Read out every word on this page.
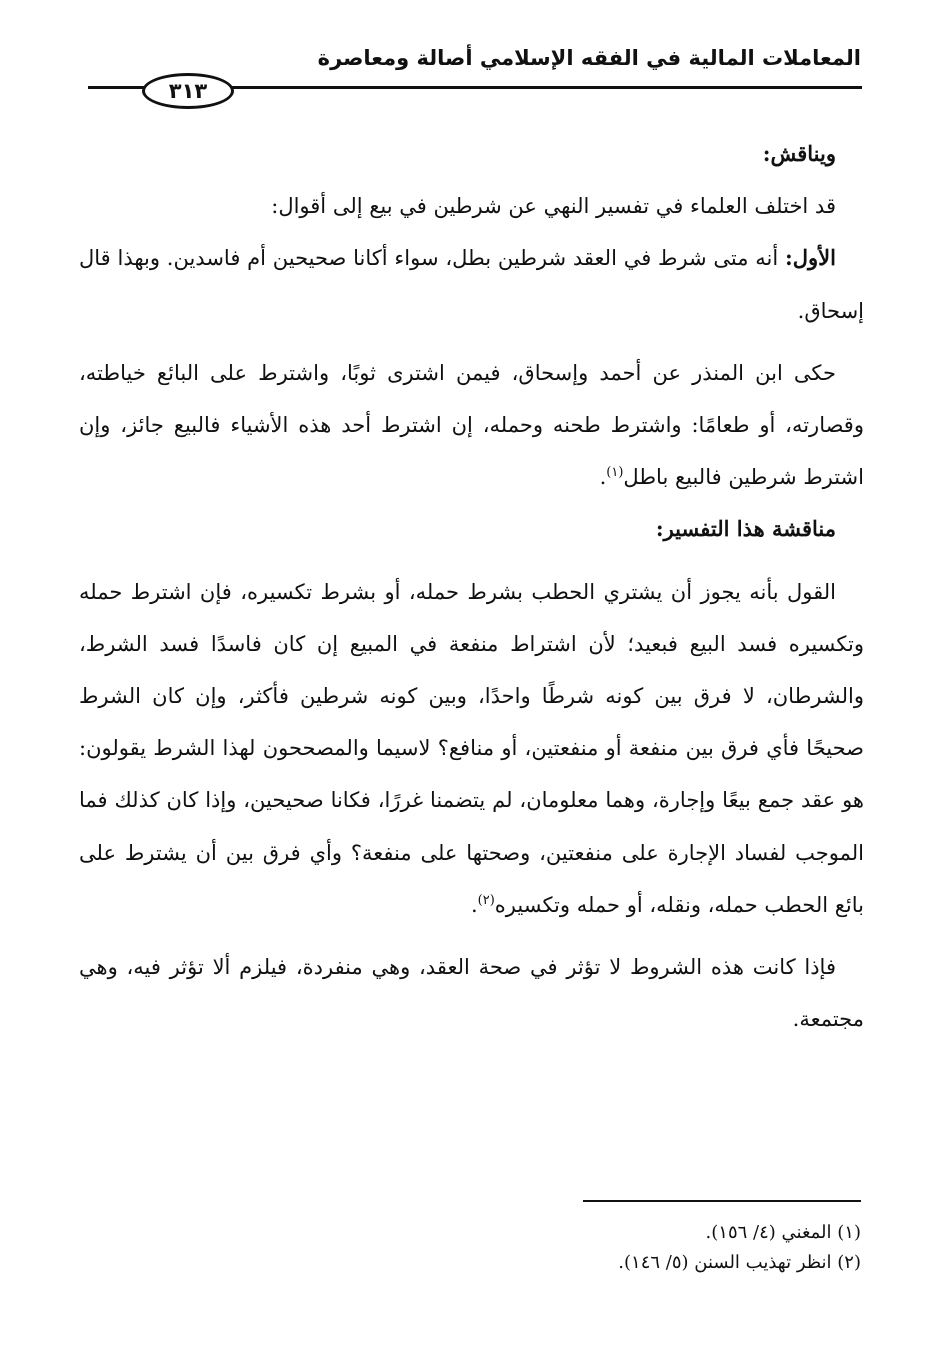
المعاملات المالية في الفقه الإسلامي أصالة ومعاصرة
٣١٣

ويناقش:

قد اختلف العلماء في تفسير النهي عن شرطين في بيع إلى أقوال:

الأول: أنه متى شرط في العقد شرطين بطل، سواء أكانا صحيحين أم فاسدين. وبهذا قال إسحاق.

حكى ابن المنذر عن أحمد وإسحاق، فيمن اشترى ثوبًا، واشترط على البائع خياطته، وقصارته، أو طعامًا: واشترط طحنه وحمله، إن اشترط أحد هذه الأشياء فالبيع جائز، وإن اشترط شرطين فالبيع باطل$^{(١)}$.

مناقشة هذا التفسير:

القول بأنه يجوز أن يشتري الحطب بشرط حمله، أو بشرط تكسيره، فإن اشترط حمله وتكسيره فسد البيع فبعيد؛ لأن اشتراط منفعة في المبيع إن كان فاسدًا فسد الشرط، والشرطان، لا فرق بين كونه شرطًا واحدًا، وبين كونه شرطين فأكثر، وإن كان الشرط صحيحًا فأي فرق بين منفعة أو منفعتين، أو منافع؟ لاسيما والمصححون لهذا الشرط يقولون: هو عقد جمع بيعًا وإجارة، وهما معلومان، لم يتضمنا غررًا، فكانا صحيحين، وإذا كان كذلك فما الموجب لفساد الإجارة على منفعتين، وصحتها على منفعة؟ وأي فرق بين أن يشترط على بائع الحطب حمله، ونقله، أو حمله وتكسيره$^{(٢)}$.

فإذا كانت هذه الشروط لا تؤثر في صحة العقد، وهي منفردة، فيلزم ألا تؤثر فيه، وهي مجتمعة.

(١) المغني (٤/ ١٥٦).
(٢) انظر تهذيب السنن (٥/ ١٤٦).
